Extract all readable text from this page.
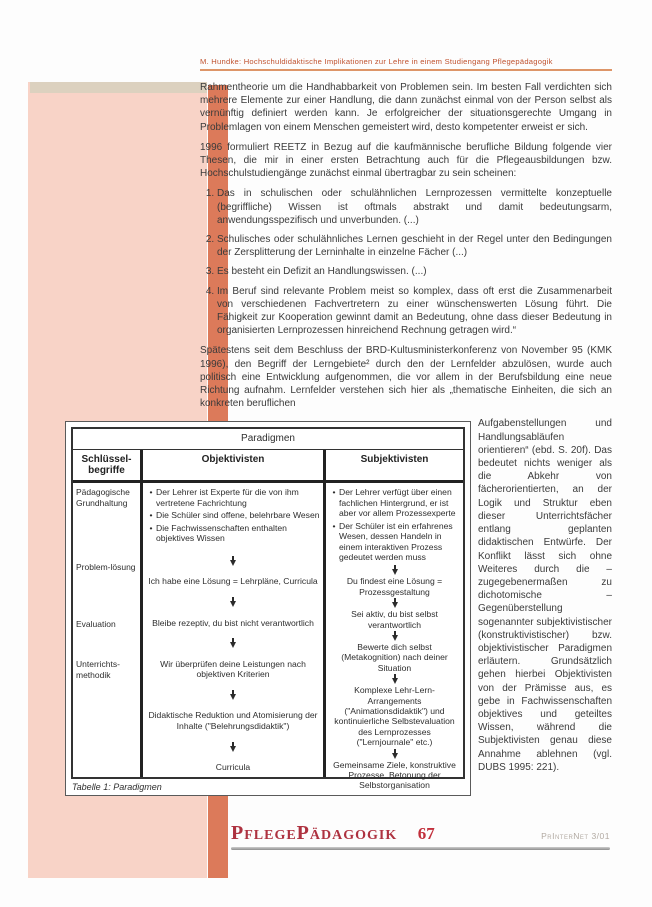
M. Hundke: Hochschuldidaktische Implikationen zur Lehre in einem Studiengang Pflegepädagogik

Rahmentheorie um die Handhabbarkeit von Problemen sein. Im besten Fall verdichten sich mehrere Elemente zur einer Handlung, die dann zunächst einmal von der Person selbst als vernünftig definiert werden kann. Je erfolgreicher der situationsgerechte Umgang in Problemlagen von einem Menschen gemeistert wird, desto kompetenter erweist er sich.

1996 formuliert REETZ in Bezug auf die kaufmännische berufliche Bildung folgende vier Thesen, die mir in einer ersten Betrachtung auch für die Pflegeausbildungen bzw. Hochschulstudiengänge zunächst einmal übertragbar zu sein scheinen:

1. Das in schulischen oder schulähnlichen Lernprozessen vermittelte konzeptuelle (begriffliche) Wissen ist oftmals abstrakt und damit bedeutungsarm, anwendungsspezifisch und unverbunden. (...)
2. Schulisches oder schulähnliches Lernen geschieht in der Regel unter den Bedingungen der Zersplitterung der Lerninhalte in einzelne Fächer (...)
3. Es besteht ein Defizit an Handlungswissen. (...)
4. Im Beruf sind relevante Problem meist so komplex, dass oft erst die Zusammenarbeit von verschiedenen Fachvertretern zu einer wünschenswerten Lösung führt. Die Fähigkeit zur Kooperation gewinnt damit an Bedeutung, ohne dass dieser Bedeutung in organisierten Lernprozessen hinreichend Rechnung getragen wird.“

Spätestens seit dem Beschluss der BRD-Kultusministerkonferenz von November 95 (KMK 1996), den Begriff der Lerngebiete² durch den der Lernfelder abzulösen, wurde auch politisch eine Entwicklung aufgenommen, die vor allem in der Berufsbildung eine neue Richtung aufnahm. Lernfelder verstehen sich hier als „thematische Einheiten, die sich an konkreten beruflichen

Paradigmen
Schlüssel-begriffe
Objektivisten	Subjektivisten

Pädagogische Grundhaltung

Problem-lösung

Evaluation

Unterrichts-methodik

• Der Lehrer ist Experte für die von ihm vertretene Fachrichtung
• Die Schüler sind offene, belehrbare Wesen
• Die Fachwissenschaften enthalten objektives Wissen
Ich habe eine Lösung = Lehrpläne, Curricula
Bleibe rezeptiv, du bist nicht verantwortlich
Wir überprüfen deine Leistungen nach objektiven Kriterien
Didaktische Reduktion und Atomisierung der Inhalte ("Belehrungsdidaktik")
Curricula
• Der Lehrer verfügt über einen fachlichen Hintergrund, er ist aber vor allem Prozessexperte
• Der Schüler ist ein erfahrenes Wesen, dessen Handeln in einem interaktiven Prozess gedeutet werden muss
Du findest eine Lösung = Prozessgestaltung
Sei aktiv, du bist selbst verantwortlich
Bewerte dich selbst (Metakognition) nach deiner Situation
Komplexe Lehr-Lern-Arrangements ("Animationsdidaktik") und kontinuierliche Selbstevaluation des Lernprozesses ("Lernjournale" etc.)
Gemeinsame Ziele, konstruktive Prozesse, Betonung der Selbstorganisation
Tabelle 1: Paradigmen

Aufgabenstellungen und Handlungsabläufen orientieren“ (ebd. S. 20f). Das bedeutet nichts weniger als die Abkehr von fächerorientierten, an der Logik und Struktur eben dieser Unterrichtsfächer entlang geplanten didaktischen Entwürfe. Der Konflikt lässt sich ohne Weiteres durch die – zugegebenermaßen zu dichotomische – Gegenüberstellung sogenannter subjektivistischer (konstruktivistischer) bzw. objektivistischer Paradigmen erläutern. Grundsätzlich gehen hierbei Objektivisten von der Prämisse aus, es gebe in Fachwissenschaften objektives und geteiltes Wissen, während die Subjektivisten genau diese Annahme ablehnen (vgl. DUBS 1995: 221).

PflegePädagogik 67	PrInterNet 3/01
